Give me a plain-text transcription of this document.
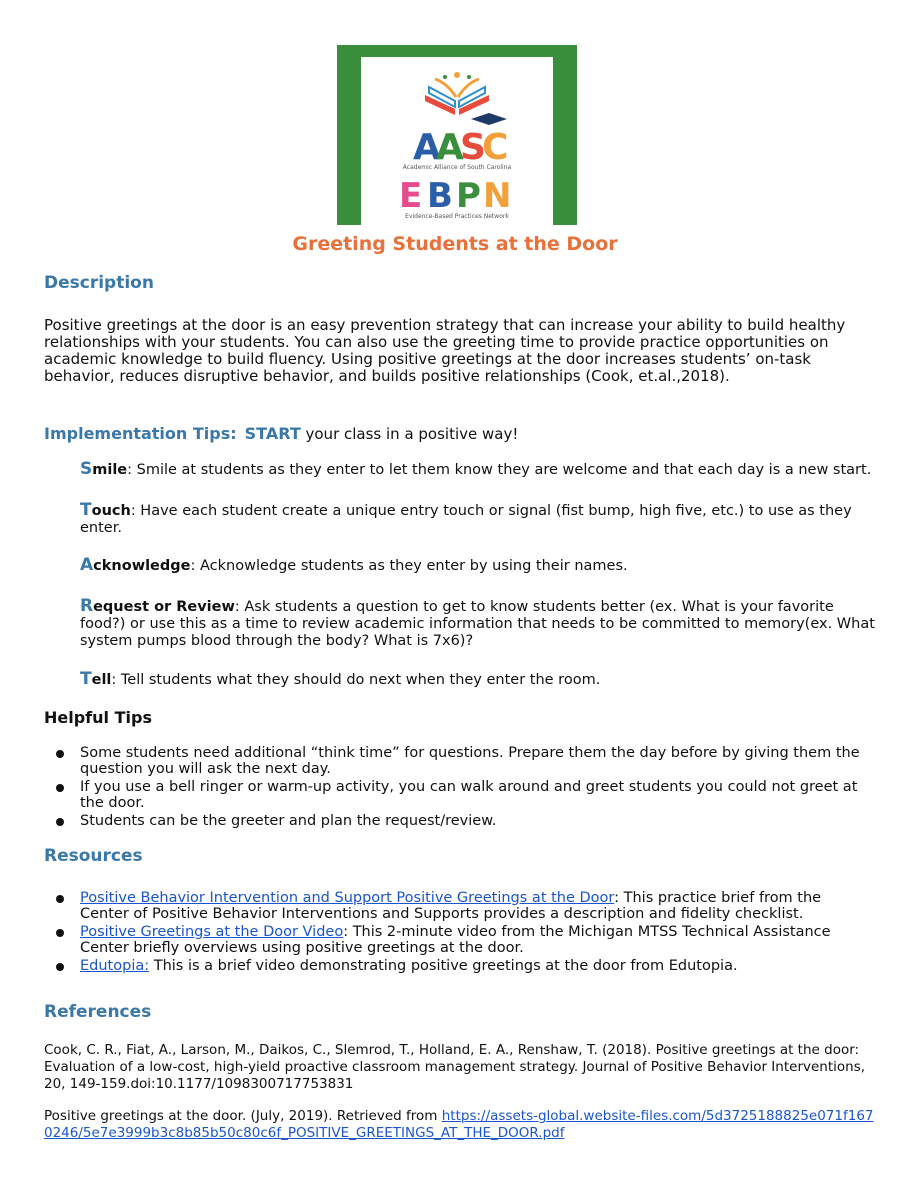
A
A
S
C
Academic Alliance of South Carolina
E B P N
Evidence-Based Practices Network
Greeting Students at the Door
Description

Positive greetings at the door is an easy prevention strategy that can increase your ability to build healthy relationships with your students. You can also use the greeting time to provide practice opportunities on academic knowledge to build fluency. Using positive greetings at the door increases students’ on-task behavior, reduces disruptive behavior, and builds positive relationships (Cook, et.al.,2018).

Implementation Tips: START your class in a positive way!

Smile: Smile at students as they enter to let them know they are welcome and that each day is a new start.

Touch: Have each student create a unique entry touch or signal (fist bump, high five, etc.) to use as they enter.

Acknowledge: Acknowledge students as they enter by using their names.

Request or Review: Ask students a question to get to know students better (ex. What is your favorite food?) or use this as a time to review academic information that needs to be committed to memory(ex. What system pumps blood through the body? What is 7x6)?

Tell: Tell students what they should do next when they enter the room.

Helpful Tips
Some students need additional “think time” for questions. Prepare them the day before by giving them the question you will ask the next day.
If you use a bell ringer or warm-up activity, you can walk around and greet students you could not greet at the door.
Students can be the greeter and plan the request/review.
Resources
Positive Behavior Intervention and Support Positive Greetings at the Door: This practice brief from the Center of Positive Behavior Interventions and Supports provides a description and fidelity checklist.
Positive Greetings at the Door Video: This 2-minute video from the Michigan MTSS Technical Assistance Center briefly overviews using positive greetings at the door.
Edutopia: This is a brief video demonstrating positive greetings at the door from Edutopia.
References

Cook, C. R., Fiat, A., Larson, M., Daikos, C., Slemrod, T., Holland, E. A., Renshaw, T. (2018). Positive greetings at the door: Evaluation of a low-cost, high-yield proactive classroom management strategy. Journal of Positive Behavior Interventions, 20, 149-159.doi:10.1177/1098300717753831

Positive greetings at the door. (July, 2019). Retrieved from https://assets-global.website-files.com/5d3725188825e071f1670246/5e7e3999b3c8b85b50c80c6f_POSITIVE_GREETINGS_AT_THE_DOOR.pdf
